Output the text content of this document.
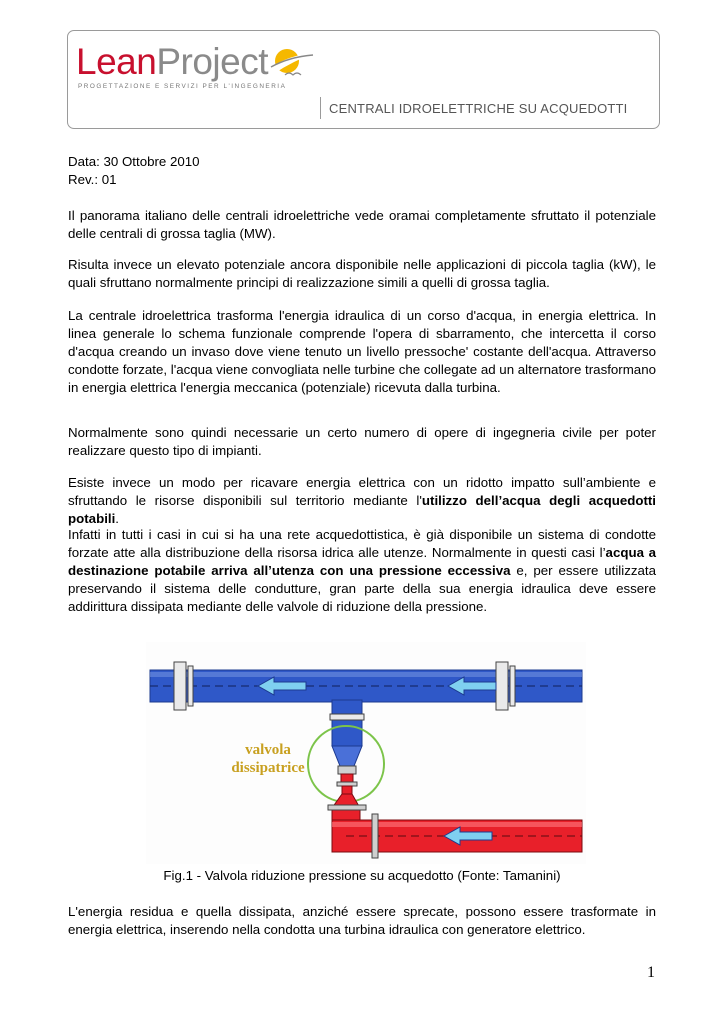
LeanProject
PROGETTAZIONE E SERVIZI PER L'INGEGNERIA
CENTRALI IDROELETTRICHE SU ACQUEDOTTI
Data: 30 Ottobre 2010
Rev.: 01
Il panorama italiano delle centrali idroelettriche vede oramai completamente sfruttato il potenziale delle centrali di grossa taglia (MW).
Risulta invece un elevato potenziale ancora disponibile nelle applicazioni di piccola taglia (kW), le quali sfruttano normalmente principi di realizzazione simili a quelli di grossa taglia.
La centrale idroelettrica trasforma l'energia idraulica di un corso d'acqua, in energia elettrica. In linea generale lo schema funzionale comprende l'opera di sbarramento, che intercetta il corso d'acqua creando un invaso dove viene tenuto un livello pressoche' costante dell'acqua. Attraverso condotte forzate, l'acqua viene convogliata nelle turbine che collegate ad un alternatore trasformano in energia elettrica l'energia meccanica (potenziale) ricevuta dalla turbina.
Normalmente sono quindi necessarie un certo numero di opere di ingegneria civile per poter realizzare questo tipo di impianti.
Esiste invece un modo per ricavare energia elettrica con un ridotto impatto sull’ambiente e sfruttando le risorse disponibili sul territorio mediante l'utilizzo dell’acqua degli acquedotti potabili.
Infatti in tutti i casi in cui si ha una rete acquedottistica, è già disponibile un sistema di condotte forzate atte alla distribuzione della risorsa idrica alle utenze. Normalmente in questi casi l’acqua a destinazione potabile arriva all’utenza con una pressione eccessiva e, per essere utilizzata preservando il sistema delle condutture, gran parte della sua energia idraulica deve essere addirittura dissipata mediante delle valvole di riduzione della pressione.
valvola
dissipatrice
Fig.1 - Valvola riduzione pressione su acquedotto (Fonte: Tamanini)
L'energia residua e quella dissipata, anziché essere sprecate, possono essere trasformate in energia elettrica, inserendo nella condotta una turbina idraulica con generatore elettrico.
1
